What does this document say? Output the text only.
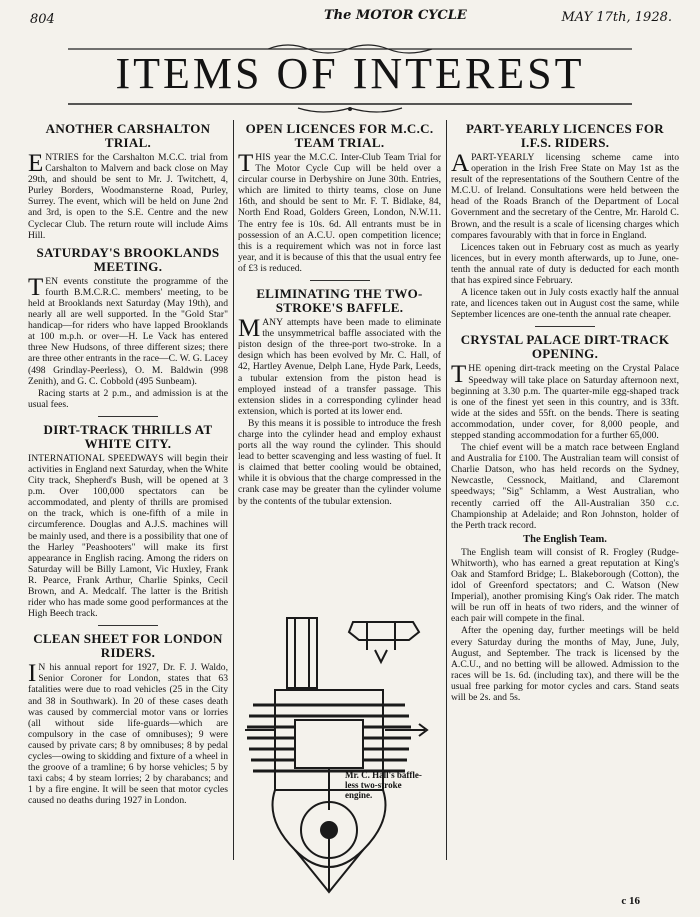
804	The MOTOR CYCLE	MAY 17th, 1928.
ITEMS OF INTEREST
ANOTHER CARSHALTON TRIAL.

ENTRIES for the Carshalton M.C.C. trial from Carshalton to Malvern and back close on May 29th, and should be sent to Mr. J. Twitchett, 4, Purley Borders, Woodmansterne Road, Purley, Surrey. The event, which will be held on June 2nd and 3rd, is open to the S.E. Centre and the new Cyclecar Club. The return route will include Aims Hill.

SATURDAY'S BROOKLANDS MEETING.

TEN events constitute the programme of the fourth B.M.C.R.C. members' meeting, to be held at Brooklands next Saturday (May 19th), and nearly all are well supported. In the "Gold Star" handicap—for riders who have lapped Brooklands at 100 m.p.h. or over—H. Le Vack has entered three New Hudsons, of three different sizes; there are three other entrants in the race—C. W. G. Lacey (498 Grindlay-Peerless), O. M. Baldwin (998 Zenith), and G. C. Cobbold (495 Sunbeam).

Racing starts at 2 p.m., and admission is at the usual fees.

DIRT-TRACK THRILLS AT WHITE CITY.

INTERNATIONAL SPEEDWAYS will begin their activities in England next Saturday, when the White City track, Shepherd's Bush, will be opened at 3 p.m. Over 100,000 spectators can be accommodated, and plenty of thrills are promised on the track, which is one-fifth of a mile in circumference. Douglas and A.J.S. machines will be mainly used, and there is a possibility that one of the Harley "Peashooters" will make its first appearance in English racing. Among the riders on Saturday will be Billy Lamont, Vic Huxley, Frank R. Pearce, Frank Arthur, Charlie Spinks, Cecil Brown, and A. Medcalf. The latter is the British rider who has made some good performances at the High Beech track.

CLEAN SHEET FOR LONDON RIDERS.

I N his annual report for 1927, Dr. F. J. Waldo, Senior Coroner for London, states that 63 fatalities were due to road vehicles (25 in the City and 38 in Southwark). In 20 of these cases death was caused by commercial motor vans or lorries (all without side life-guards—which are compulsory in the case of omnibuses); 9 were caused by private cars; 8 by omnibuses; 8 by pedal cycles—owing to skidding and fixture of a wheel in the groove of a tramline; 6 by horse vehicles; 5 by taxi cabs; 4 by steam lorries; 2 by charabancs; and 1 by a fire engine. It will be seen that motor cycles caused no deaths during 1927 in London.

OPEN LICENCES FOR M.C.C. TEAM TRIAL.

THIS year the M.C.C. Inter-Club Team Trial for The Motor Cycle Cup will be held over a circular course in Derbyshire on June 30th. Entries, which are limited to thirty teams, close on June 16th, and should be sent to Mr. F. T. Bidlake, 84, North End Road, Golders Green, London, N.W.11. The entry fee is 10s. 6d. All entrants must be in possession of an A.C.U. open competition licence; this is a requirement which was not in force last year, and it is because of this that the usual entry fee of £3 is reduced.

ELIMINATING THE TWO-STROKE'S BAFFLE.

MANY attempts have been made to eliminate the unsymmetrical baffle associated with the piston design of the three-port two-stroke. In a design which has been evolved by Mr. C. Hall, of 42, Hartley Avenue, Delph Lane, Hyde Park, Leeds, a tubular extension from the piston head is employed instead of a transfer passage. This extension slides in a corresponding cylinder head extension, which is ported at its lower end.

By this means it is possible to introduce the fresh charge into the cylinder head and employ exhaust ports all the way round the cylinder. This should lead to better scavenging and less wasting of fuel. It is claimed that better cooling would be obtained, while it is obvious that the charge compressed in the crank case may be greater than the cylinder volume by the contents of the tubular extension.

Mr. C. Hall's baffle-less two-stroke engine.
PART-YEARLY LICENCES FOR I.F.S. RIDERS.

APART-YEARLY licensing scheme came into operation in the Irish Free State on May 1st as the result of the representations of the Southern Centre of the M.C.U. of Ireland. Consultations were held between the head of the Roads Branch of the Department of Local Government and the secretary of the Centre, Mr. Harold C. Brown, and the result is a scale of licensing charges which compares favourably with that in force in England.

Licences taken out in February cost as much as yearly licences, but in every month afterwards, up to June, one-tenth the annual rate of duty is deducted for each month that has expired since February.

A licence taken out in July costs exactly half the annual rate, and licences taken out in August cost the same, while September licences are one-tenth the annual rate cheaper.

CRYSTAL PALACE DIRT-TRACK OPENING.

THE opening dirt-track meeting on the Crystal Palace Speedway will take place on Saturday afternoon next, beginning at 3.30 p.m. The quarter-mile egg-shaped track is one of the finest yet seen in this country, and is 33ft. wide at the sides and 55ft. on the bends. There is seating accommodation, under cover, for 8,000 people, and stepped standing accommodation for a further 65,000.

The chief event will be a match race between England and Australia for £100. The Australian team will consist of Charlie Datson, who has held records on the Sydney, Newcastle, Cessnock, Maitland, and Claremont speedways; "Sig" Schlamm, a West Australian, who recently carried off the All-Australian 350 c.c. Championship at Adelaide; and Ron Johnston, holder of the Perth track record.

The English Team.

The English team will consist of R. Frogley (Rudge-Whitworth), who has earned a great reputation at King's Oak and Stamford Bridge; L. Blakeborough (Cotton), the idol of Greenford spectators; and C. Watson (New Imperial), another promising King's Oak rider. The match will be run off in heats of two riders, and the winner of each pair will compete in the final.

After the opening day, further meetings will be held every Saturday during the months of May, June, July, August, and September. The track is licensed by the A.C.U., and no betting will be allowed. Admission to the races will be 1s. 6d. (including tax), and there will be the usual free parking for motor cycles and cars. Stand seats will be 2s. and 5s.

c 16
